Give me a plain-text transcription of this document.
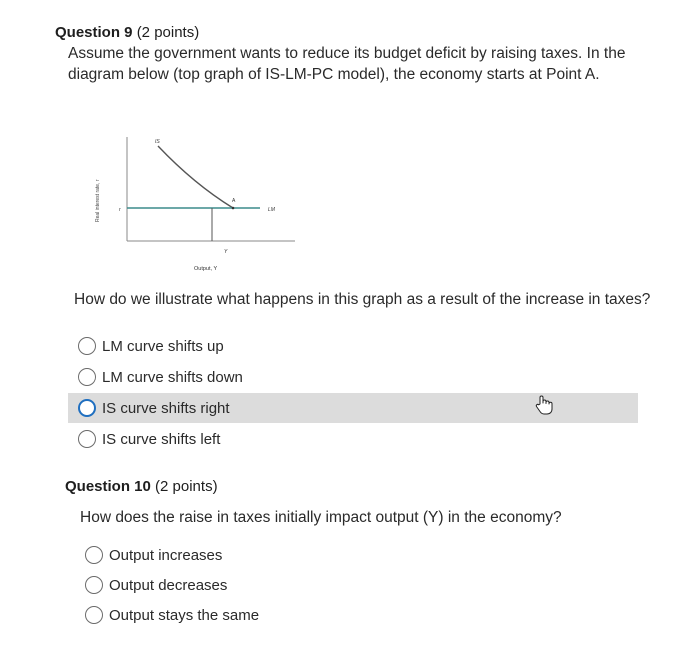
Question 9 (2 points)
Assume the government wants to reduce its budget deficit by raising taxes. In the diagram below (top graph of IS-LM-PC model), the economy starts at Point A.
Real interest rate, r
IS
LM
r
A
Y
Output, Y
How do we illustrate what happens in this graph as a result of the increase in taxes?
LM curve shifts up
LM curve shifts down
IS curve shifts right
IS curve shifts left
Question 10 (2 points)
How does the raise in taxes initially impact output (Y) in the economy?
Output increases
Output decreases
Output stays the same
